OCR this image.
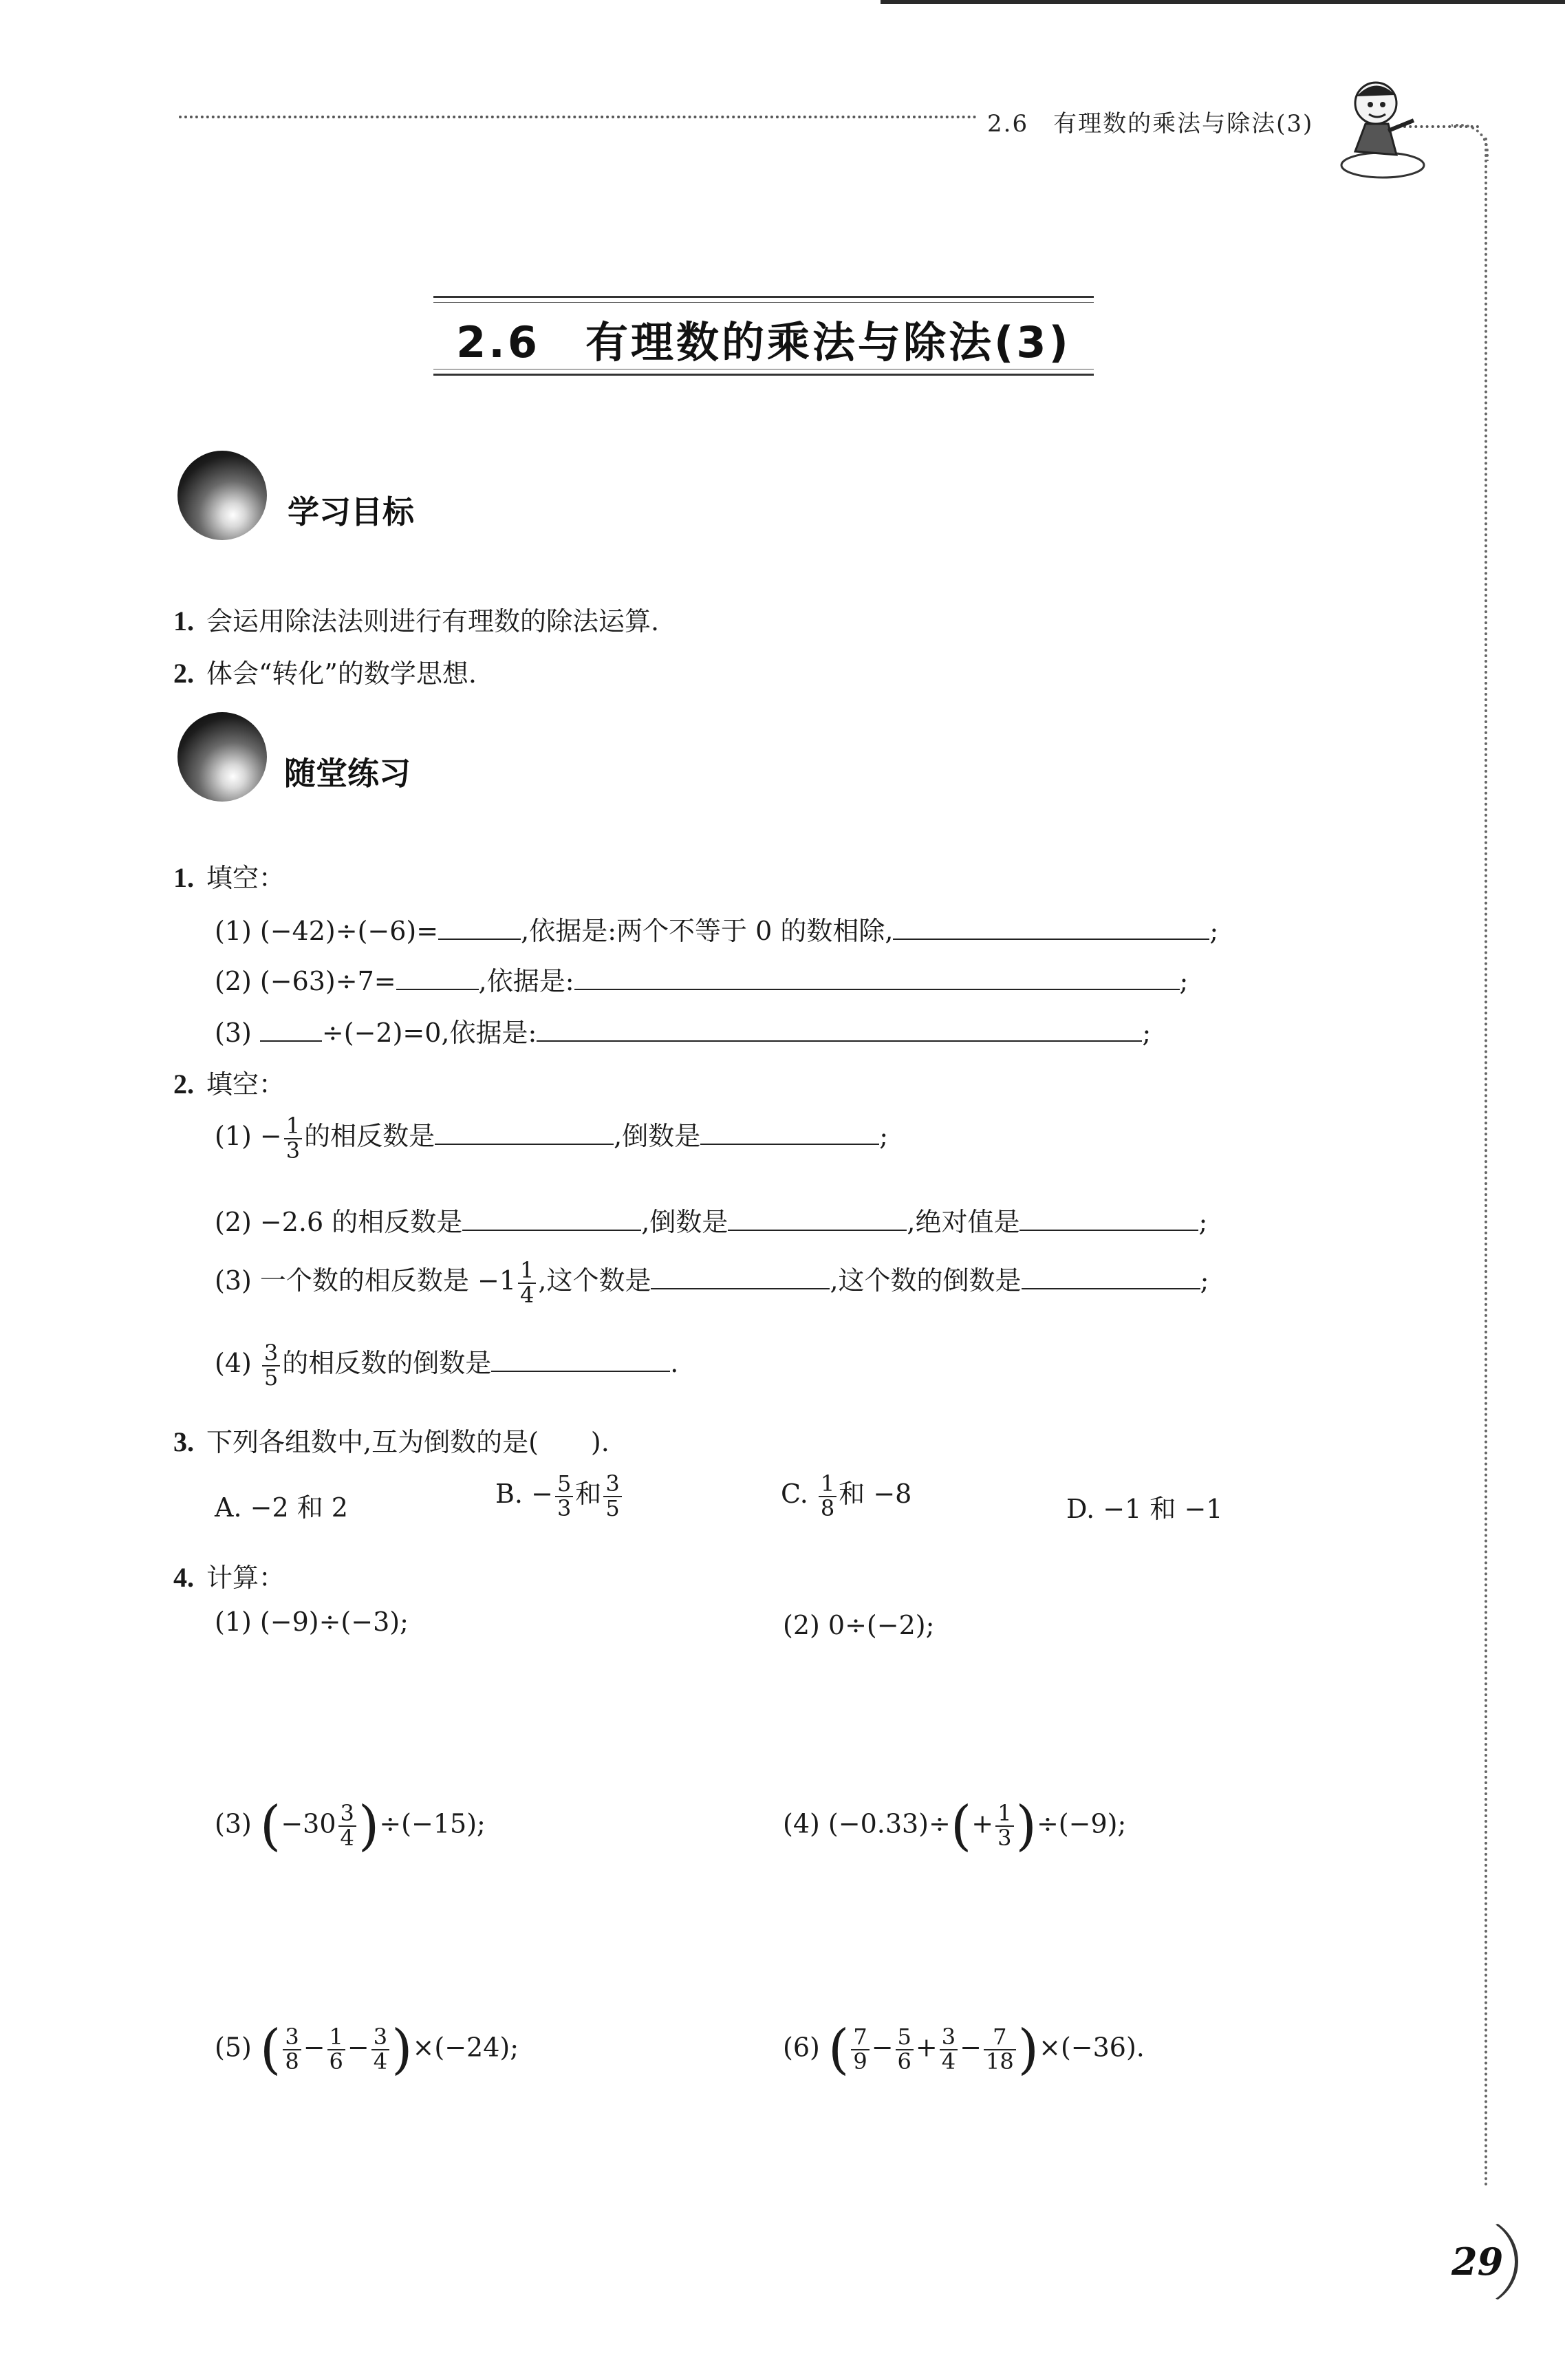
2.6　有理数的乘法与除法(3)
2.6　有理数的乘法与除法(3)
学习目标
1. 会运用除法法则进行有理数的除法运算.
2. 体会“转化”的数学思想.
随堂练习
1. 填空：
(1) (−42)÷(−6)=	,依据是:两个不等于 0 的数相除,	;
(2) (−63)÷7=	,依据是:	;
(3) ÷(−2)=0,依据是:	;
2. 填空：
$(1) - \frac{1}{3}$ 的相反数是	,倒数是	;
(2) −2.6 的相反数是	,倒数是	,绝对值是	;
(3) 一个数的相反数是 $-1 \frac{1}{4}$ ,这个数是	,这个数的倒数是	;
$(4) \frac{3}{5}$ 的相反数的倒数是	.
3. 下列各组数中,互为倒数的是(　　).
A. −2 和 2	B. − $\frac{5}{3}$ 和 $\frac{3}{5}$	C. $\frac{1}{8}$ 和 −8	D. −1 和 −1
4. 计算：
(1) (−9)÷(−3);	(2) 0÷(−2);
(3) $(-30 \frac{3}{4} )\div(-15)$;	(4) $(-0.33)\div(+ \frac{1}{3} )\div(-9)$;
(5) ( $\frac{3}{8} - \frac{1}{6} - \frac{3}{4} )\times(-24)$;	(6) ( $\frac{7}{9} - \frac{5}{6} + \frac{3}{4} - \frac{7}{18} )\times(-36)$.
29
